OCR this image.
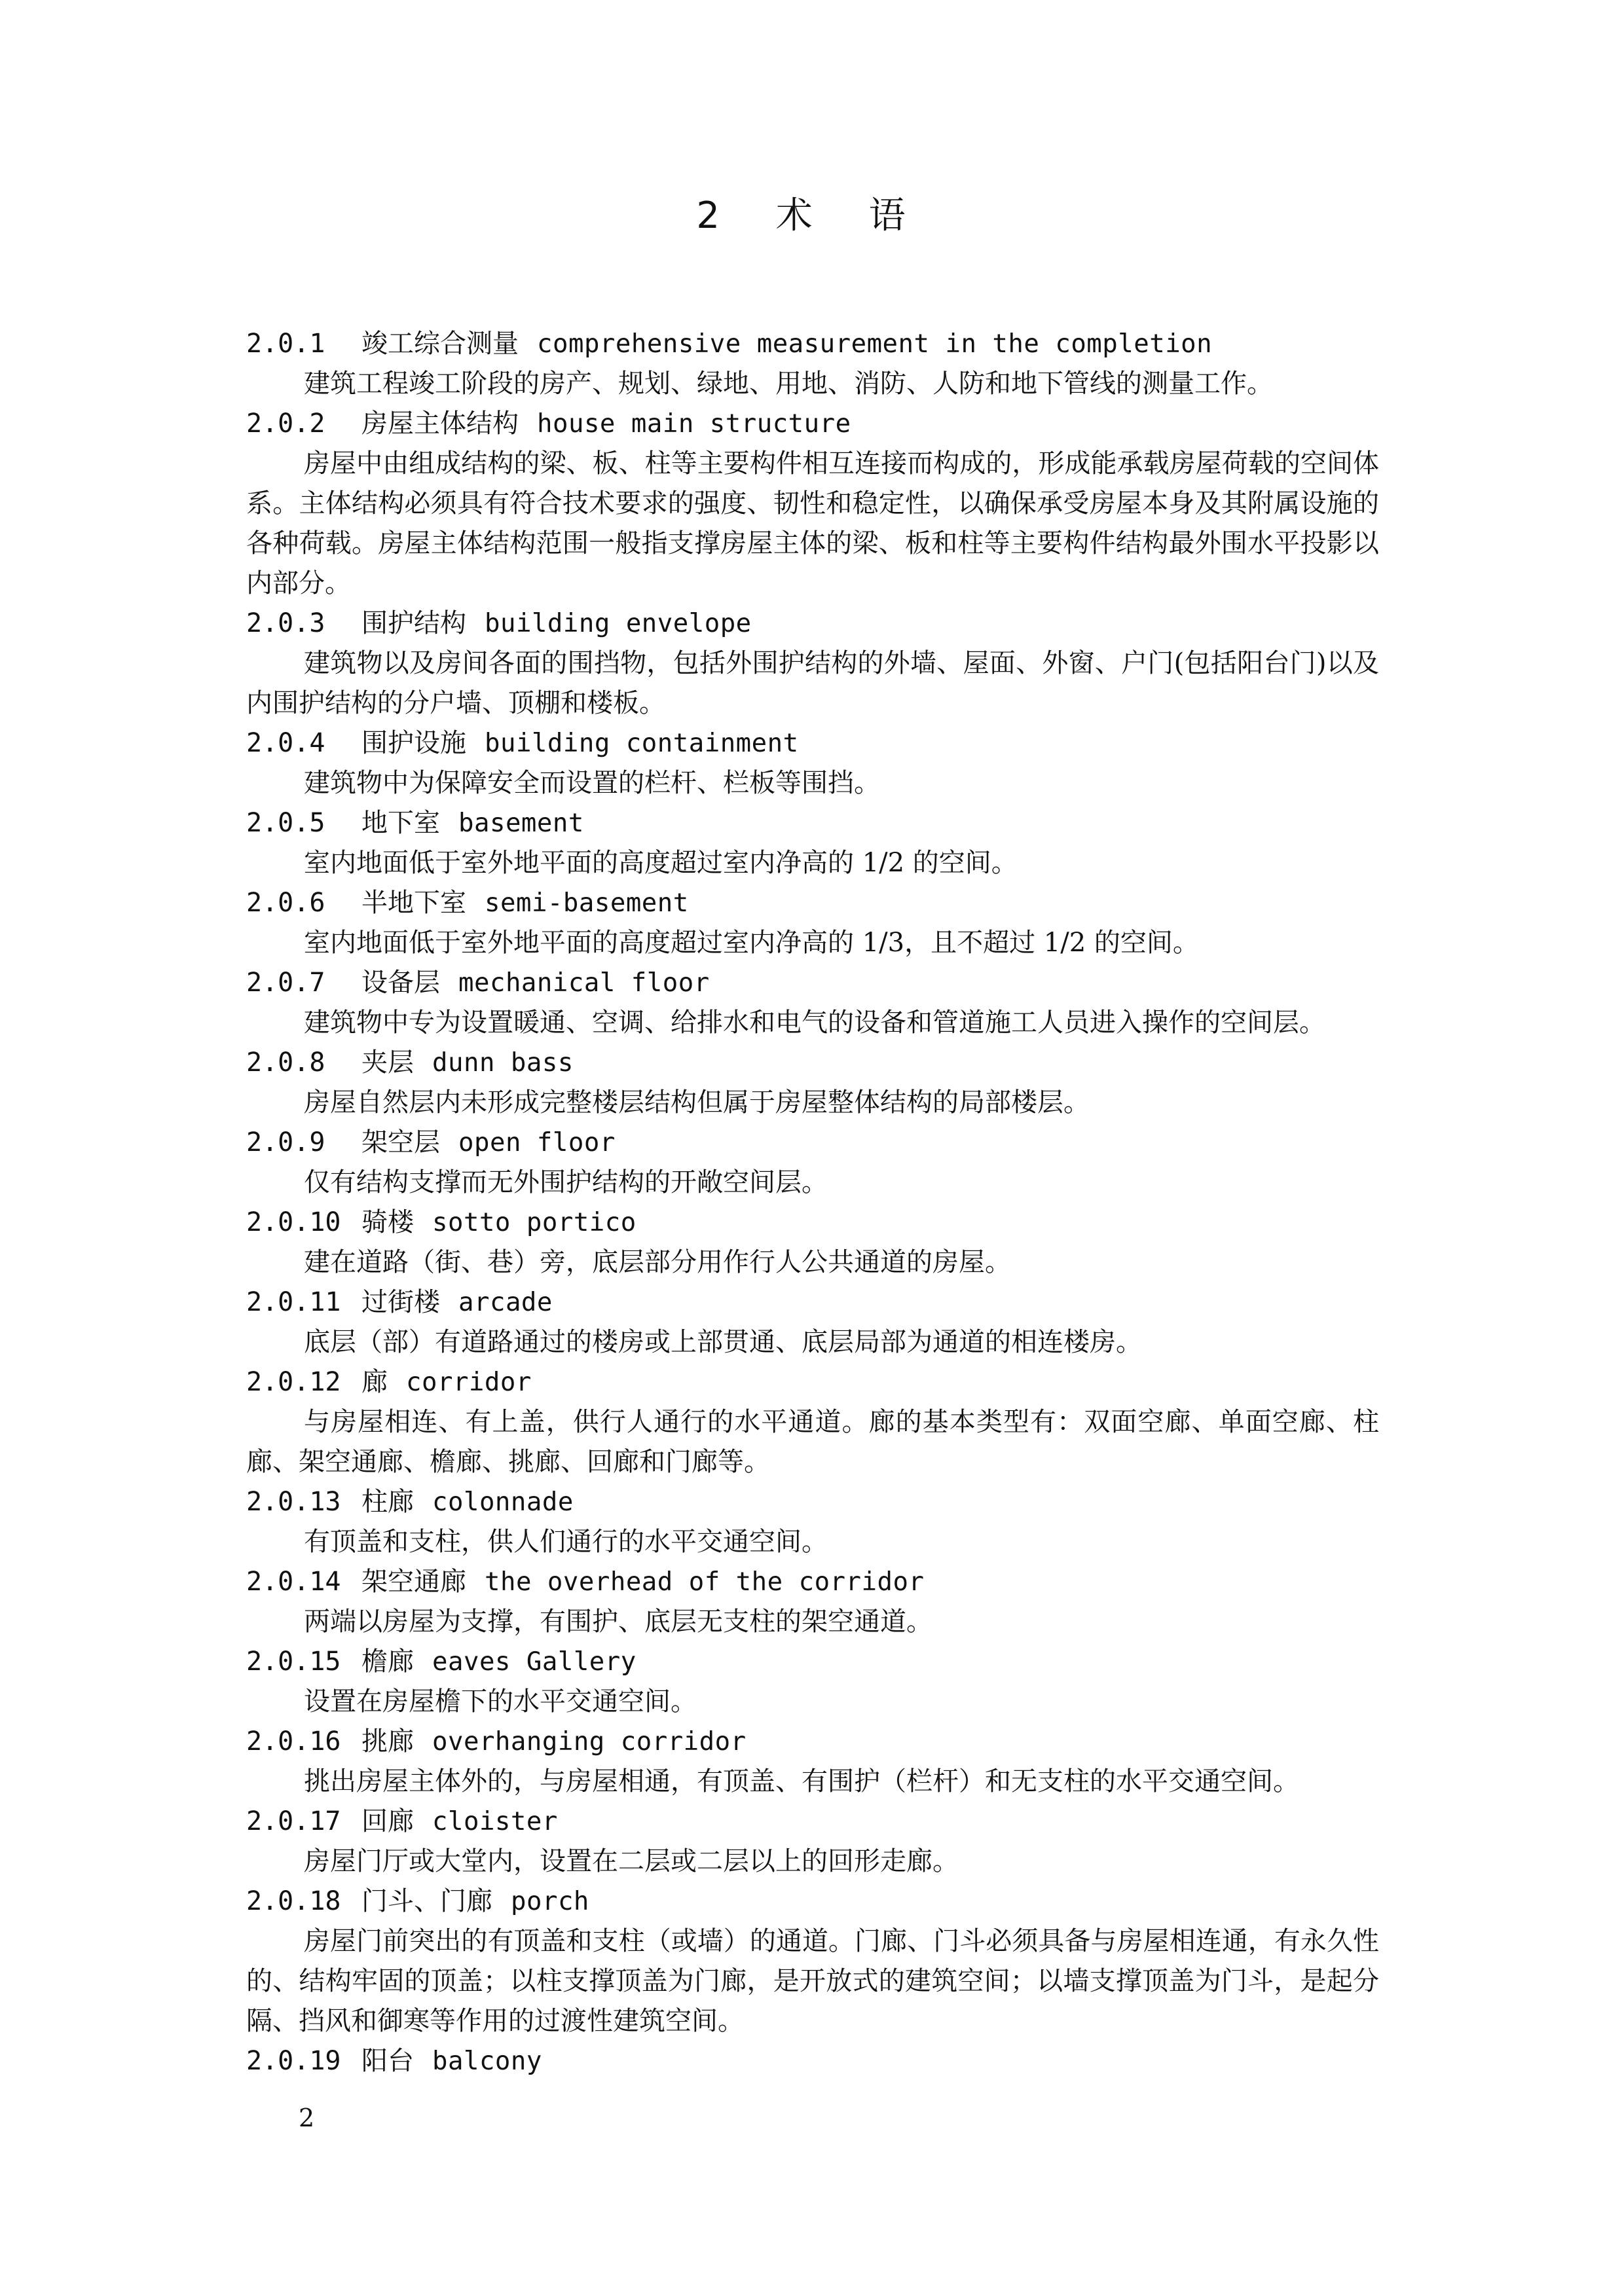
2 术 语
2.0.1 竣工综合测量 comprehensive measurement in the completion
建筑工程竣工阶段的房产、规划、绿地、用地、消防、人防和地下管线的测量工作。
2.0.2 房屋主体结构 house main structure
房屋中由组成结构的梁、板、柱等主要构件相互连接而构成的，形成能承载房屋荷载的空间体系。主体结构必须具有符合技术要求的强度、韧性和稳定性，以确保承受房屋本身及其附属设施的各种荷载。房屋主体结构范围一般指支撑房屋主体的梁、板和柱等主要构件结构最外围水平投影以内部分。
2.0.3 围护结构 building envelope
建筑物以及房间各面的围挡物，包括外围护结构的外墙、屋面、外窗、户门(包括阳台门)以及内围护结构的分户墙、顶棚和楼板。
2.0.4 围护设施 building containment
建筑物中为保障安全而设置的栏杆、栏板等围挡。
2.0.5 地下室 basement
室内地面低于室外地平面的高度超过室内净高的 1/2 的空间。
2.0.6 半地下室 semi-basement
室内地面低于室外地平面的高度超过室内净高的 1/3，且不超过 1/2 的空间。
2.0.7 设备层 mechanical floor
建筑物中专为设置暖通、空调、给排水和电气的设备和管道施工人员进入操作的空间层。
2.0.8 夹层 dunn bass
房屋自然层内未形成完整楼层结构但属于房屋整体结构的局部楼层。
2.0.9 架空层 open floor
仅有结构支撑而无外围护结构的开敞空间层。
2.0.10 骑楼 sotto portico
建在道路（街、巷）旁，底层部分用作行人公共通道的房屋。
2.0.11 过街楼 arcade
底层（部）有道路通过的楼房或上部贯通、底层局部为通道的相连楼房。
2.0.12 廊 corridor
与房屋相连、有上盖，供行人通行的水平通道。廊的基本类型有：双面空廊、单面空廊、柱廊、架空通廊、檐廊、挑廊、回廊和门廊等。
2.0.13 柱廊 colonnade
有顶盖和支柱，供人们通行的水平交通空间。
2.0.14 架空通廊 the overhead of the corridor
两端以房屋为支撑，有围护、底层无支柱的架空通道。
2.0.15 檐廊 eaves Gallery
设置在房屋檐下的水平交通空间。
2.0.16 挑廊 overhanging corridor
挑出房屋主体外的，与房屋相通，有顶盖、有围护（栏杆）和无支柱的水平交通空间。
2.0.17 回廊 cloister
房屋门厅或大堂内，设置在二层或二层以上的回形走廊。
2.0.18 门斗、门廊 porch
房屋门前突出的有顶盖和支柱（或墙）的通道。门廊、门斗必须具备与房屋相连通，有永久性的、结构牢固的顶盖；以柱支撑顶盖为门廊，是开放式的建筑空间；以墙支撑顶盖为门斗，是起分隔、挡风和御寒等作用的过渡性建筑空间。
2.0.19 阳台 balcony
2
